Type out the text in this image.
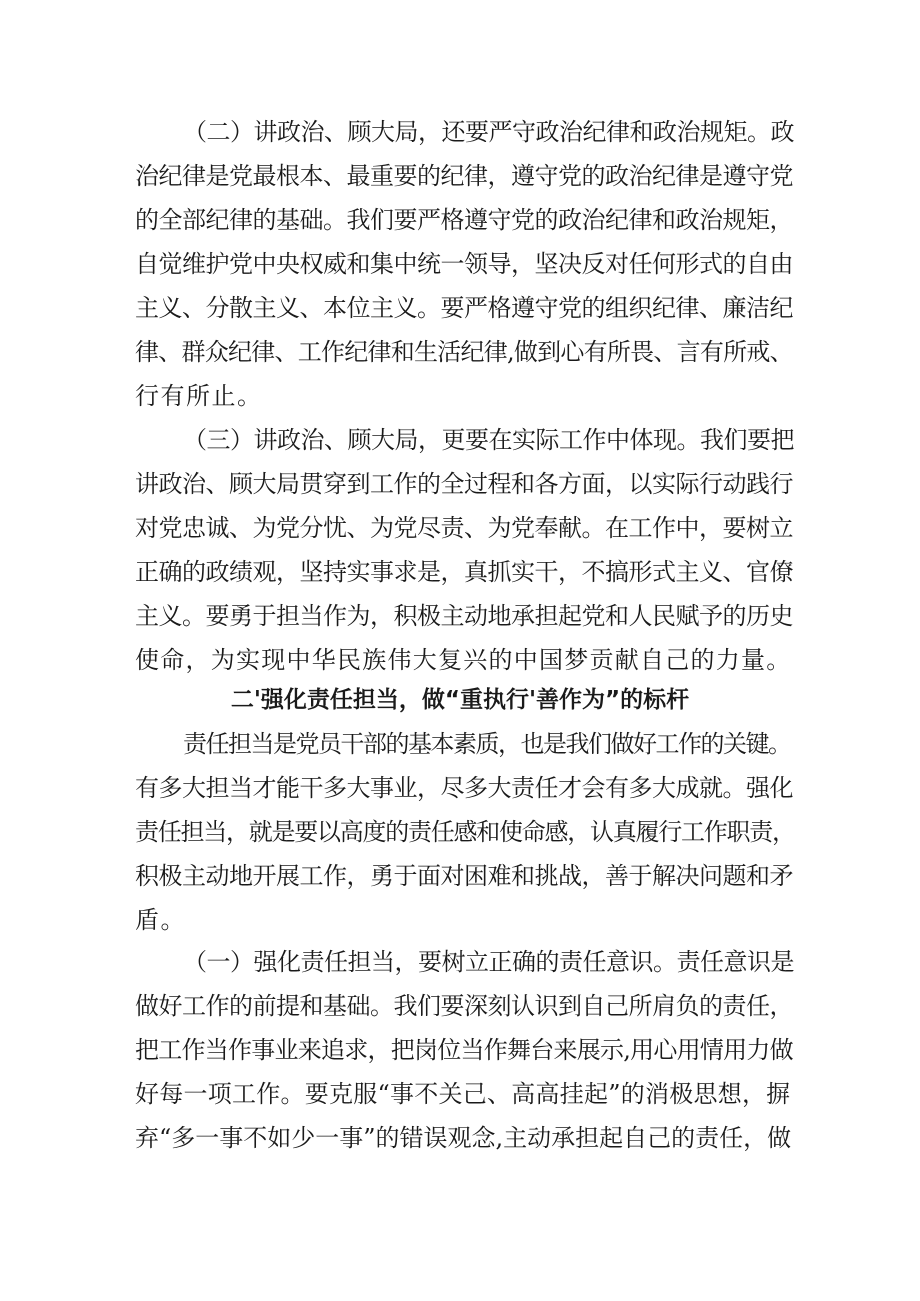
（二）讲政治、顾大局，还要严守政治纪律和政治规矩。政
治纪律是党最根本、最重要的纪律，遵守党的政治纪律是遵守党
的全部纪律的基础。我们要严格遵守党的政治纪律和政治规矩，
自觉维护党中央权威和集中统一领导，坚决反对任何形式的自由
主义、分散主义、本位主义。要严格遵守党的组织纪律、廉洁纪
律、群众纪律、工作纪律和生活纪律,做到心有所畏、言有所戒、
行有所止。
（三）讲政治、顾大局，更要在实际工作中体现。我们要把
讲政治、顾大局贯穿到工作的全过程和各方面，以实际行动践行
对党忠诚、为党分忧、为党尽责、为党奉献。在工作中，要树立
正确的政绩观，坚持实事求是，真抓实干，不搞形式主义、官僚
主义。要勇于担当作为，积极主动地承担起党和人民赋予的历史
使命，为实现中华民族伟大复兴的中国梦贡献自己的力量。
二'强化责任担当，做“重执行'善作为”的标杆
责任担当是党员干部的基本素质，也是我们做好工作的关键。
有多大担当才能干多大事业，尽多大责任才会有多大成就。强化
责任担当，就是要以高度的责任感和使命感，认真履行工作职责，
积极主动地开展工作，勇于面对困难和挑战，善于解决问题和矛
盾。
（一）强化责任担当，要树立正确的责任意识。责任意识是
做好工作的前提和基础。我们要深刻认识到自己所肩负的责任，
把工作当作事业来追求，把岗位当作舞台来展示,用心用情用力做
好每一项工作。要克服“事不关己、高高挂起”的消极思想，摒
弃“多一事不如少一事”的错误观念,主动承担起自己的责任，做
